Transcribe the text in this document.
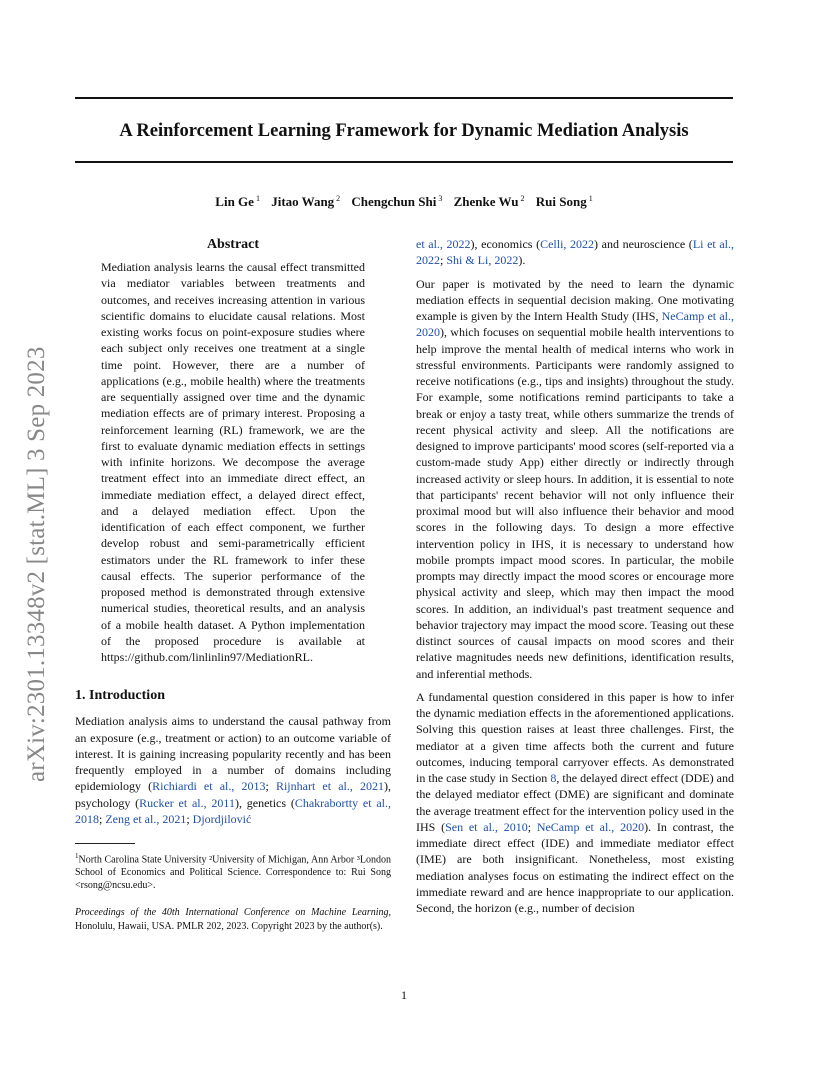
A Reinforcement Learning Framework for Dynamic Mediation Analysis
Lin Ge $^1$ Jitao Wang $^2$ Chengchun Shi $^3$ Zhenke Wu $^2$ Rui Song $^1$
arXiv:2301.13348v2 [stat.ML] 3 Sep 2023
Abstract

Mediation analysis learns the causal effect transmitted via mediator variables between treatments and outcomes, and receives increasing attention in various scientific domains to elucidate causal relations. Most existing works focus on point-exposure studies where each subject only receives one treatment at a single time point. However, there are a number of applications (e.g., mobile health) where the treatments are sequentially assigned over time and the dynamic mediation effects are of primary interest. Proposing a reinforcement learning (RL) framework, we are the first to evaluate dynamic mediation effects in settings with infinite horizons. We decompose the average treatment effect into an immediate direct effect, an immediate mediation effect, a delayed direct effect, and a delayed mediation effect. Upon the identification of each effect component, we further develop robust and semi-parametrically efficient estimators under the RL framework to infer these causal effects. The superior performance of the proposed method is demonstrated through extensive numerical studies, theoretical results, and an analysis of a mobile health dataset. A Python implementation of the proposed procedure is available at https://github.com/linlinlin97/MediationRL.

1. Introduction

Mediation analysis aims to understand the causal pathway from an exposure (e.g., treatment or action) to an outcome variable of interest. It is gaining increasing popularity recently and has been frequently employed in a number of domains including epidemiology (Richiardi et al., 2013; Rijnhart et al., 2021), psychology (Rucker et al., 2011), genetics (Chakrabortty et al., 2018; Zeng et al., 2021; Djordjilović

$^1$North Carolina State University ²University of Michigan, Ann Arbor ³London School of Economics and Political Science. Correspondence to: Rui Song <rsong@ncsu.edu>.

Proceedings of the 40th International Conference on Machine Learning, Honolulu, Hawaii, USA. PMLR 202, 2023. Copyright 2023 by the author(s).

et al., 2022), economics (Celli, 2022) and neuroscience (Li et al., 2022; Shi & Li, 2022).

Our paper is motivated by the need to learn the dynamic mediation effects in sequential decision making. One motivating example is given by the Intern Health Study (IHS, NeCamp et al., 2020), which focuses on sequential mobile health interventions to help improve the mental health of medical interns who work in stressful environments. Participants were randomly assigned to receive notifications (e.g., tips and insights) throughout the study. For example, some notifications remind participants to take a break or enjoy a tasty treat, while others summarize the trends of recent physical activity and sleep. All the notifications are designed to improve participants' mood scores (self-reported via a custom-made study App) either directly or indirectly through increased activity or sleep hours. In addition, it is essential to note that participants' recent behavior will not only influence their proximal mood but will also influence their behavior and mood scores in the following days. To design a more effective intervention policy in IHS, it is necessary to understand how mobile prompts impact mood scores. In particular, the mobile prompts may directly impact the mood scores or encourage more physical activity and sleep, which may then impact the mood scores. In addition, an individual's past treatment sequence and behavior trajectory may impact the mood score. Teasing out these distinct sources of causal impacts on mood scores and their relative magnitudes needs new definitions, identification results, and inferential methods.

A fundamental question considered in this paper is how to infer the dynamic mediation effects in the aforementioned applications. Solving this question raises at least three challenges. First, the mediator at a given time affects both the current and future outcomes, inducing temporal carryover effects. As demonstrated in the case study in Section 8, the delayed direct effect (DDE) and the delayed mediator effect (DME) are significant and dominate the average treatment effect for the intervention policy used in the IHS (Sen et al., 2010; NeCamp et al., 2020). In contrast, the immediate direct effect (IDE) and immediate mediator effect (IME) are both insignificant. Nonetheless, most existing mediation analyses focus on estimating the indirect effect on the immediate reward and are hence inappropriate to our application. Second, the horizon (e.g., number of decision

1
